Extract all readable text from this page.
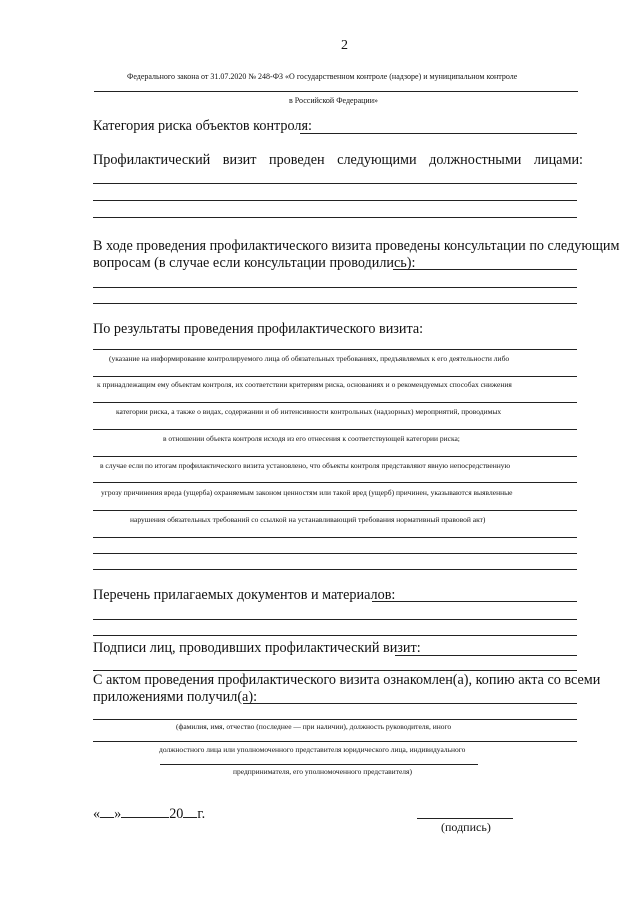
2
Федерального закона от 31.07.2020 № 248-ФЗ «О государственном контроле (надзоре) и муниципальном контроле
в Российской Федерации»
Категория риска объектов контроля:
Профилактический визит проведен следующими должностными лицами:
В ходе проведения профилактического визита проведены консультации по следующим
вопросам (в случае если консультации проводились):
По результаты проведения профилактического визита:
(указание на информирование контролируемого лица об обязательных требованиях, предъявляемых к его деятельности либо
к принадлежащим ему объектам контроля, их соответствии критериям риска, основаниях и о рекомендуемых способах снижения
категории риска, а также о видах, содержании и об интенсивности контрольных (надзорных) мероприятий, проводимых
в отношении объекта контроля исходя из его отнесения к соответствующей категории риска;
в случае если по итогам профилактического визита установлено, что объекты контроля представляют явную непосредственную
угрозу причинения вреда (ущерба) охраняемым законом ценностям или такой вред (ущерб) причинен, указываются выявленные
нарушения обязательных требований со ссылкой на устанавливающий требования нормативный правовой акт)
Перечень прилагаемых документов и материалов:
Подписи лиц, проводивших профилактический визит:
С актом проведения профилактического визита ознакомлен(а), копию акта со всеми
приложениями получил(а):
(фамилия, имя, отчество (последнее — при наличии), должность руководителя, иного
должностного лица или уполномоченного представителя юридического лица, индивидуального
предпринимателя, его уполномоченного представителя)
« »	20 г.
(подпись)
